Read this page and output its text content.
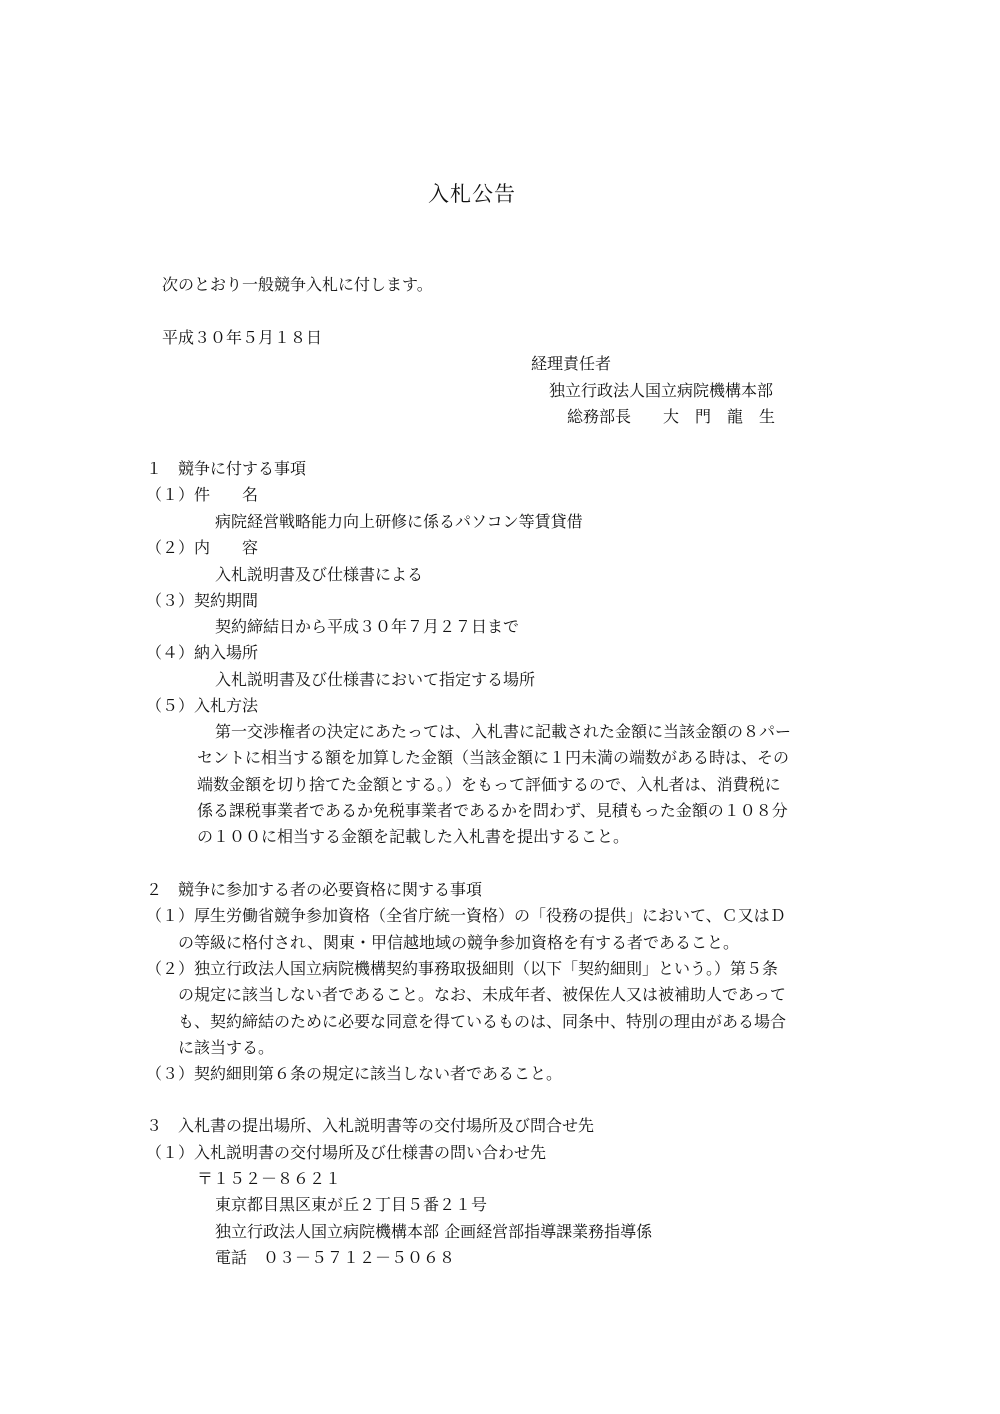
入札公告
次のとおり一般競争入札に付します。
平成３０年５月１８日
経理責任者
独立行政法人国立病院機構本部
総務部長　　大　門　龍　生
１　競争に付する事項
（１）件　　名
病院経営戦略能力向上研修に係るパソコン等賃貸借
（２）内　　容
入札説明書及び仕様書による
（３）契約期間
契約締結日から平成３０年７月２７日まで
（４）納入場所
入札説明書及び仕様書において指定する場所
（５）入札方法
第一交渉権者の決定にあたっては、入札書に記載された金額に当該金額の８パー
セントに相当する額を加算した金額（当該金額に１円未満の端数がある時は、その
端数金額を切り捨てた金額とする。）をもって評価するので、入札者は、消費税に
係る課税事業者であるか免税事業者であるかを問わず、見積もった金額の１０８分
の１００に相当する金額を記載した入札書を提出すること。
２　競争に参加する者の必要資格に関する事項
（１）厚生労働省競争参加資格（全省庁統一資格）の「役務の提供」において、Ｃ又はＤ
の等級に格付され、関東・甲信越地域の競争参加資格を有する者であること。
（２）独立行政法人国立病院機構契約事務取扱細則（以下「契約細則」という。）第５条
の規定に該当しない者であること。なお、未成年者、被保佐人又は被補助人であって
も、契約締結のために必要な同意を得ているものは、同条中、特別の理由がある場合
に該当する。
（３）契約細則第６条の規定に該当しない者であること。
３　入札書の提出場所、入札説明書等の交付場所及び問合せ先
（１）入札説明書の交付場所及び仕様書の問い合わせ先
〒１５２－８６２１
東京都目黒区東が丘２丁目５番２１号
独立行政法人国立病院機構本部 企画経営部指導課業務指導係
電話　０３－５７１２－５０６８
